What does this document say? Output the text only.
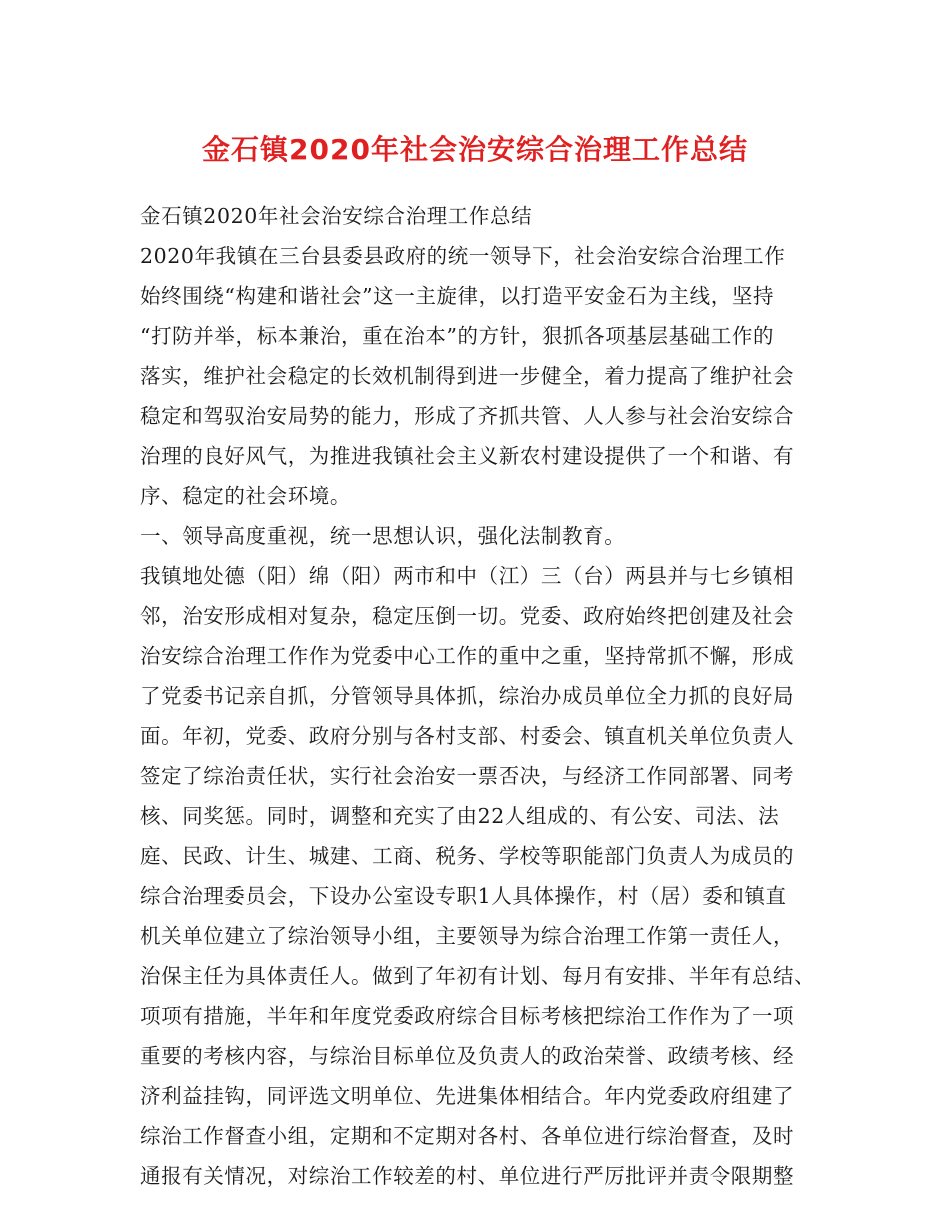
金石镇2020年社会治安综合治理工作总结
金石镇2020年社会治安综合治理工作总结
2020年我镇在三台县委县政府的统一领导下，社会治安综合治理工作
始终围绕“构建和谐社会”这一主旋律，以打造平安金石为主线，坚持
“打防并举，标本兼治，重在治本”的方针，狠抓各项基层基础工作的
落实，维护社会稳定的长效机制得到进一步健全，着力提高了维护社会
稳定和驾驭治安局势的能力，形成了齐抓共管、人人参与社会治安综合
治理的良好风气，为推进我镇社会主义新农村建设提供了一个和谐、有
序、稳定的社会环境。
一、领导高度重视，统一思想认识，强化法制教育。
我镇地处德（阳）绵（阳）两市和中（江）三（台）两县并与七乡镇相
邻，治安形成相对复杂，稳定压倒一切。党委、政府始终把创建及社会
治安综合治理工作作为党委中心工作的重中之重，坚持常抓不懈，形成
了党委书记亲自抓，分管领导具体抓，综治办成员单位全力抓的良好局
面。年初，党委、政府分别与各村支部、村委会、镇直机关单位负责人
签定了综治责任状，实行社会治安一票否决，与经济工作同部署、同考
核、同奖惩。同时，调整和充实了由22人组成的、有公安、司法、法
庭、民政、计生、城建、工商、税务、学校等职能部门负责人为成员的
综合治理委员会，下设办公室设专职1人具体操作，村（居）委和镇直
机关单位建立了综治领导小组，主要领导为综合治理工作第一责任人，
治保主任为具体责任人。做到了年初有计划、每月有安排、半年有总结、
项项有措施，半年和年度党委政府综合目标考核把综治工作作为了一项
重要的考核内容，与综治目标单位及负责人的政治荣誉、政绩考核、经
济利益挂钩，同评选文明单位、先进集体相结合。年内党委政府组建了
综治工作督查小组，定期和不定期对各村、各单位进行综治督查，及时
通报有关情况，对综治工作较差的村、单位进行严厉批评并责令限期整
